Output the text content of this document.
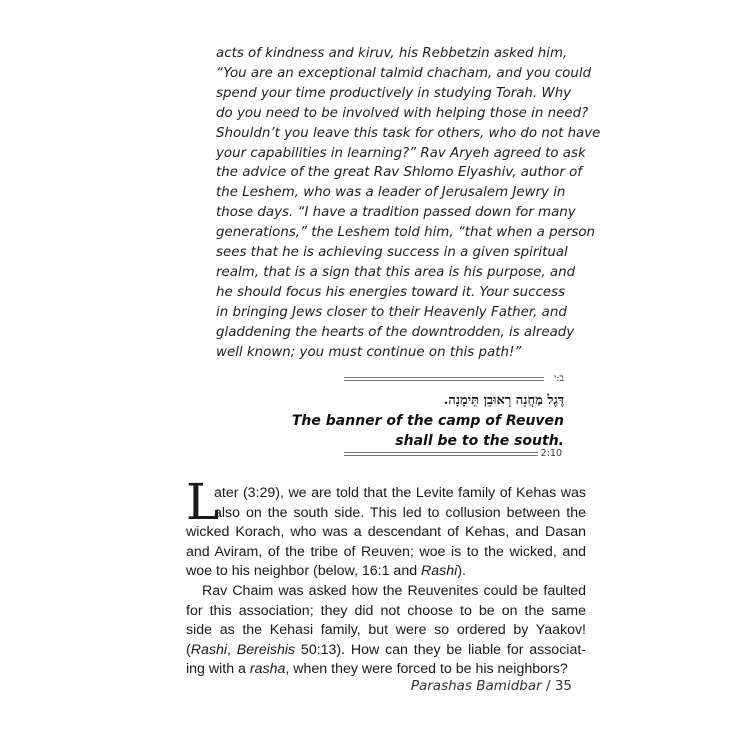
acts of kindness and kiruv, his Rebbetzin asked him,
“You are an exceptional talmid chacham, and you could
spend your time productively in studying Torah. Why
do you need to be involved with helping those in need?
Shouldn’t you leave this task for others, who do not have
your capabilities in learning?” Rav Aryeh agreed to ask
the advice of the great Rav Shlomo Elyashiv, author of
the Leshem, who was a leader of Jerusalem Jewry in
those days. “I have a tradition passed down for many
generations,” the Leshem told him, “that when a person
sees that he is achieving success in a given spiritual
realm, that is a sign that this area is his purpose, and
he should focus his energies toward it. Your success
in bringing Jews closer to their Heavenly Father, and
gladdening the hearts of the downtrodden, is already
well known; you must continue on this path!”
ב:י
דֶּגֶל מַחֲנֵה רְאוּבֵן תֵּימָנָה.
The banner of the camp of Reuven
shall be to the south.
2:10
L
ater (3:29), we are told that the Levite family of Kehas was
also on the south side. This led to collusion between the
wicked Korach, who was a descendant of Kehas, and Dasan
and Aviram, of the tribe of Reuven; woe is to the wicked, and
woe to his neighbor (below, 16:1 and Rashi).
Rav Chaim was asked how the Reuvenites could be faulted
for this association; they did not choose to be on the same
side as the Kehasi family, but were so ordered by Yaakov!
(Rashi, Bereishis 50:13). How can they be liable for associat-
ing with a rasha, when they were forced to be his neighbors?
Parashas Bamidbar / 35
